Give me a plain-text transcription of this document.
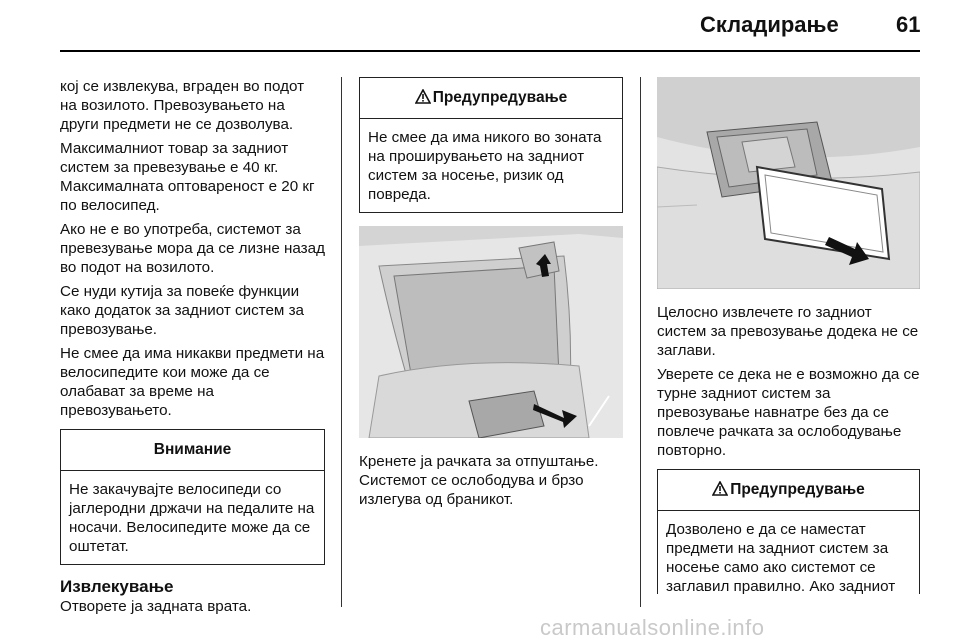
Складирање	61

кој се извлекува, вграден во подот на возилото. Превозувањето на други предмети не се дозволува.

Максималниот товар за задниот систем за превезување е 40 кг. Максималната оптовареност е 20 кг по велосипед.

Ако не е во употреба, системот за превезување мора да се лизне назад во подот на возилото.

Се нуди кутија за повеќе функции како додаток за задниот систем за превозување.

Не смее да има никакви предмети на велосипедите кои може да се олабават за време на превозувањето.

Внимание
Не закачувајте велосипеди со јаглеродни држачи на педалите на носачи. Велосипедите може да се оштетат.
Извлекување

Отворете ја задната врата.

Предупредување
Не смее да има никого во зоната на проширувањето на задниот систем за носење, ризик од повреда.

Кренете ја рачката за отпуштање. Системот се ослободува и брзо излегува од браникот.

Целосно извлечете го задниот систем за превозување додека не се заглави.

Уверете се дека не е возможно да се турне задниот систем за превозување навнатре без да се повлече рачката за ослободување повторно.

Предупредување
Дозволено е да се наместат предмети на задниот систем за носење само ако системот се заглавил правилно. Ако задниот
carmanualsonline.info
